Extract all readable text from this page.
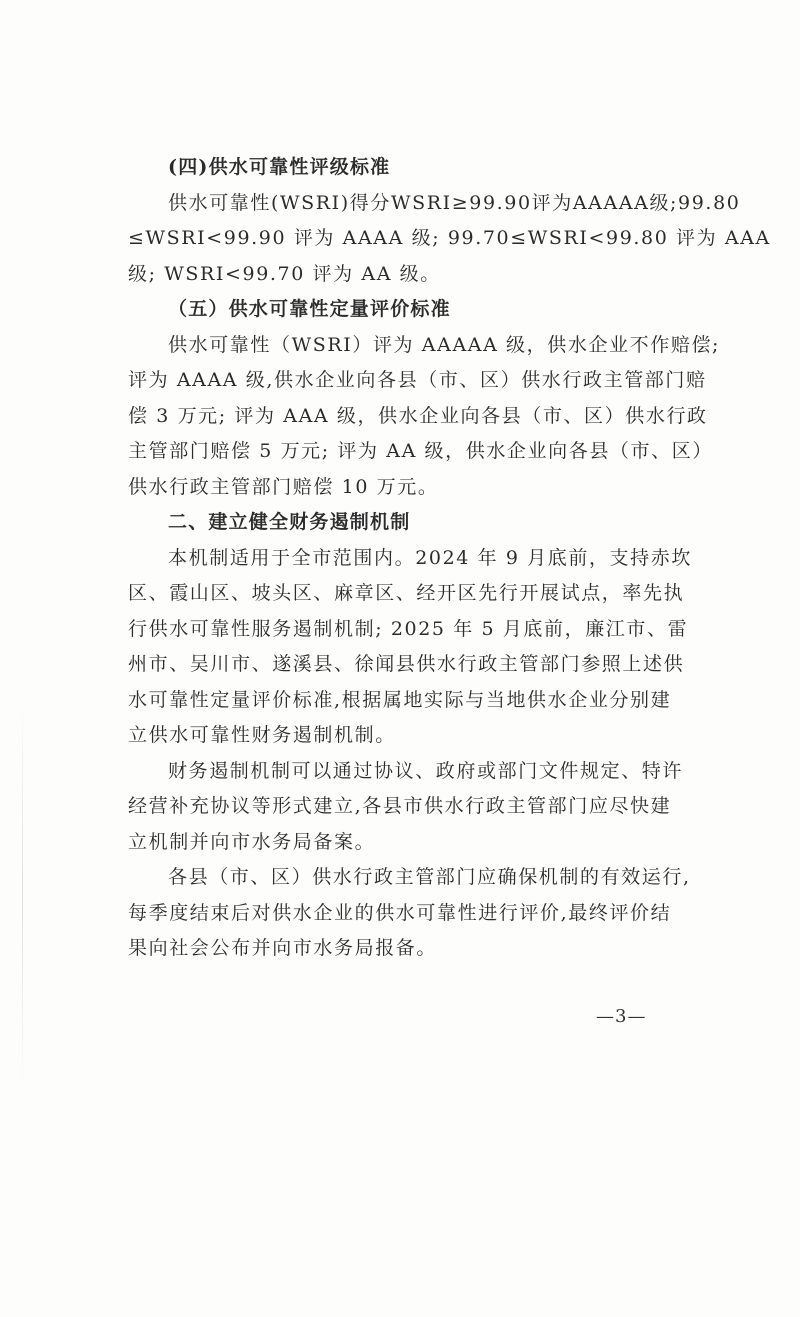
(四)供水可靠性评级标准
供水可靠性(WSRI)得分WSRI≥99.90评为AAAAA级;99.80
≤WSRI<99.90 评为 AAAA 级; 99.70≤WSRI<99.80 评为 AAA
级; WSRI<99.70 评为 AA 级。
（五）供水可靠性定量评价标准
供水可靠性（WSRI）评为 AAAAA 级，供水企业不作赔偿;
评为 AAAA 级,供水企业向各县（市、区）供水行政主管部门赔
偿 3 万元; 评为 AAA 级，供水企业向各县（市、区）供水行政
主管部门赔偿 5 万元; 评为 AA 级，供水企业向各县（市、区）
供水行政主管部门赔偿 10 万元。
二、建立健全财务遏制机制
本机制适用于全市范围内。2024 年 9 月底前，支持赤坎
区、霞山区、坡头区、麻章区、经开区先行开展试点，率先执
行供水可靠性服务遏制机制; 2025 年 5 月底前，廉江市、雷
州市、吴川市、遂溪县、徐闻县供水行政主管部门参照上述供
水可靠性定量评价标准,根据属地实际与当地供水企业分别建
立供水可靠性财务遏制机制。
财务遏制机制可以通过协议、政府或部门文件规定、特许
经营补充协议等形式建立,各县市供水行政主管部门应尽快建
立机制并向市水务局备案。
各县（市、区）供水行政主管部门应确保机制的有效运行,
每季度结束后对供水企业的供水可靠性进行评价,最终评价结
果向社会公布并向市水务局报备。
—3—
